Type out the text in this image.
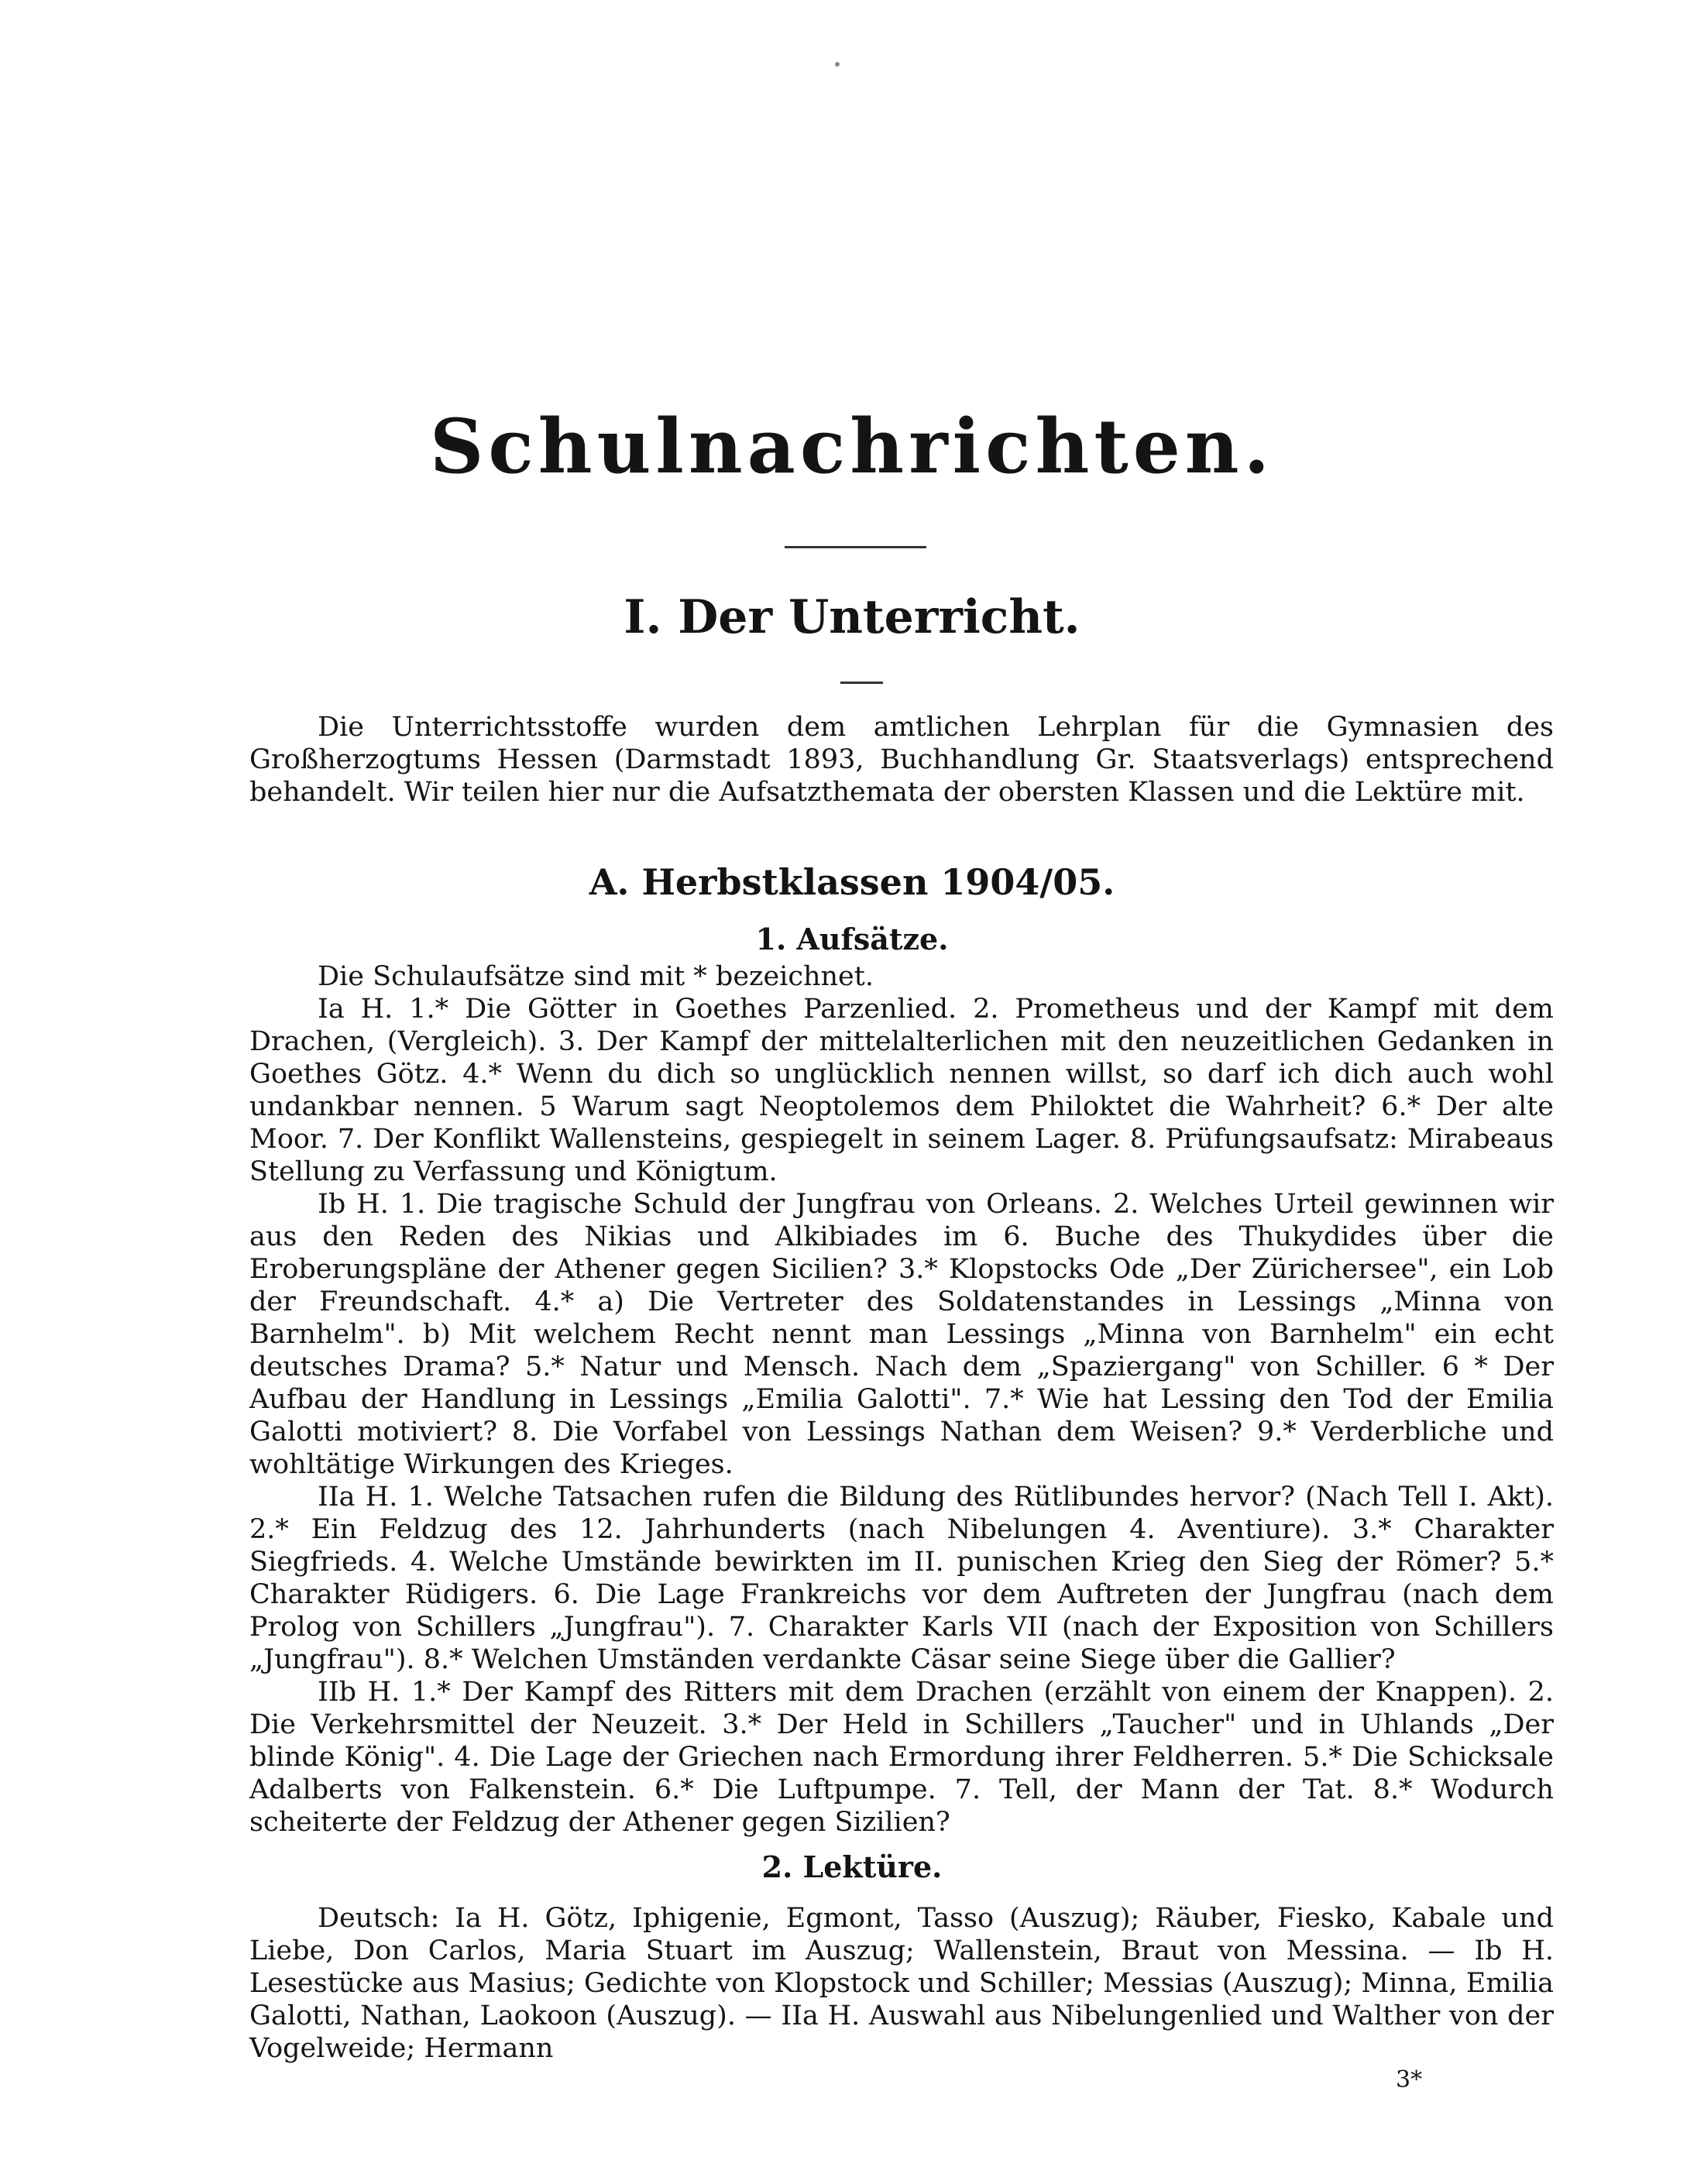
Schulnachrichten.
I. Der Unterricht.

Die Unterrichtsstoffe wurden dem amtlichen Lehrplan für die Gymnasien des Großherzogtums Hessen (Darmstadt 1893, Buchhandlung Gr. Staatsverlags) entsprechend behandelt. Wir teilen hier nur die Aufsatzthemata der obersten Klassen und die Lektüre mit.

A. Herbstklassen 1904/05.
1. Aufsätze.

Die Schulaufsätze sind mit * bezeichnet.

Ia H. 1.* Die Götter in Goethes Parzenlied. 2. Prometheus und der Kampf mit dem Drachen, (Vergleich). 3. Der Kampf der mittelalterlichen mit den neuzeitlichen Gedanken in Goethes Götz. 4.* Wenn du dich so unglücklich nennen willst, so darf ich dich auch wohl undankbar nennen. 5 Warum sagt Neoptolemos dem Philoktet die Wahrheit? 6.* Der alte Moor. 7. Der Konflikt Wallensteins, gespiegelt in seinem Lager. 8. Prüfungsaufsatz: Mirabeaus Stellung zu Verfassung und Königtum.

Ib H. 1. Die tragische Schuld der Jungfrau von Orleans. 2. Welches Urteil gewinnen wir aus den Reden des Nikias und Alkibiades im 6. Buche des Thukydides über die Eroberungspläne der Athener gegen Sicilien? 3.* Klopstocks Ode „Der Zürichersee", ein Lob der Freundschaft. 4.* a) Die Vertreter des Soldatenstandes in Lessings „Minna von Barnhelm". b) Mit welchem Recht nennt man Lessings „Minna von Barnhelm" ein echt deutsches Drama? 5.* Natur und Mensch. Nach dem „Spaziergang" von Schiller. 6 * Der Aufbau der Handlung in Lessings „Emilia Galotti". 7.* Wie hat Lessing den Tod der Emilia Galotti motiviert? 8. Die Vorfabel von Lessings Nathan dem Weisen? 9.* Verderbliche und wohltätige Wirkungen des Krieges.

IIa H. 1. Welche Tatsachen rufen die Bildung des Rütlibundes hervor? (Nach Tell I. Akt). 2.* Ein Feldzug des 12. Jahrhunderts (nach Nibelungen 4. Aventiure). 3.* Charakter Siegfrieds. 4. Welche Umstände bewirkten im II. punischen Krieg den Sieg der Römer? 5.* Charakter Rüdigers. 6. Die Lage Frankreichs vor dem Auftreten der Jungfrau (nach dem Prolog von Schillers „Jungfrau"). 7. Charakter Karls VII (nach der Exposition von Schillers „Jungfrau"). 8.* Welchen Umständen verdankte Cäsar seine Siege über die Gallier?

IIb H. 1.* Der Kampf des Ritters mit dem Drachen (erzählt von einem der Knappen). 2. Die Verkehrsmittel der Neuzeit. 3.* Der Held in Schillers „Taucher" und in Uhlands „Der blinde König". 4. Die Lage der Griechen nach Ermordung ihrer Feldherren. 5.* Die Schicksale Adalberts von Falkenstein. 6.* Die Luftpumpe. 7. Tell, der Mann der Tat. 8.* Wodurch scheiterte der Feldzug der Athener gegen Sizilien?

2. Lektüre.

Deutsch: Ia H. Götz, Iphigenie, Egmont, Tasso (Auszug); Räuber, Fiesko, Kabale und Liebe, Don Carlos, Maria Stuart im Auszug; Wallenstein, Braut von Messina. — Ib H. Lesestücke aus Masius; Gedichte von Klopstock und Schiller; Messias (Auszug); Minna, Emilia Galotti, Nathan, Laokoon (Auszug). — IIa H. Auswahl aus Nibelungenlied und Walther von der Vogelweide; Hermann

3*
